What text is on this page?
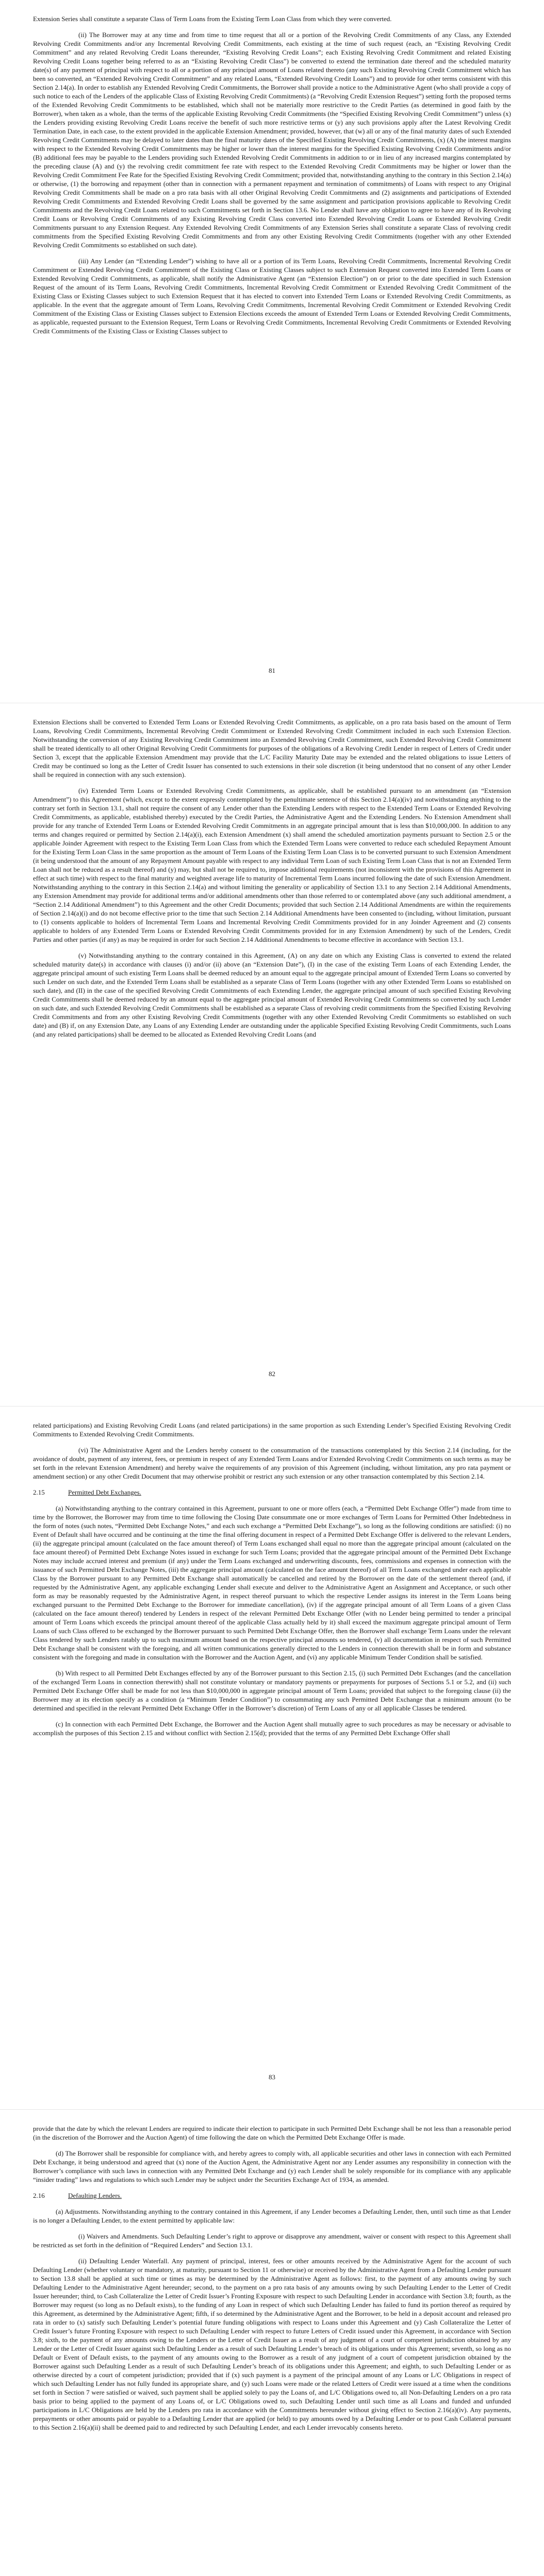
Extension Series shall constitute a separate Class of Term Loans from the Existing Term Loan Class from which they were converted.

(ii) The Borrower may at any time and from time to time request that all or a portion of the Revolving Credit Commitments of any Class, any Extended Revolving Credit Commitments and/or any Incremental Revolving Credit Commitments, each existing at the time of such request (each, an “Existing Revolving Credit Commitment” and any related Revolving Credit Loans thereunder, “Existing Revolving Credit Loans”; each Existing Revolving Credit Commitment and related Existing Revolving Credit Loans together being referred to as an “Existing Revolving Credit Class”) be converted to extend the termination date thereof and the scheduled maturity date(s) of any payment of principal with respect to all or a portion of any principal amount of Loans related thereto (any such Existing Revolving Credit Commitment which has been so converted, an “Extended Revolving Credit Commitment” and any related Loans, “Extended Revolving Credit Loans”) and to provide for other terms consistent with this Section 2.14(a). In order to establish any Extended Revolving Credit Commitments, the Borrower shall provide a notice to the Administrative Agent (who shall provide a copy of such notice to each of the Lenders of the applicable Class of Existing Revolving Credit Commitments) (a “Revolving Credit Extension Request”) setting forth the proposed terms of the Extended Revolving Credit Commitments to be established, which shall not be materially more restrictive to the Credit Parties (as determined in good faith by the Borrower), when taken as a whole, than the terms of the applicable Existing Revolving Credit Commitments (the “Specified Existing Revolving Credit Commitment”) unless (x) the Lenders providing existing Revolving Credit Loans receive the benefit of such more restrictive terms or (y) any such provisions apply after the Latest Revolving Credit Termination Date, in each case, to the extent provided in the applicable Extension Amendment; provided, however, that (w) all or any of the final maturity dates of such Extended Revolving Credit Commitments may be delayed to later dates than the final maturity dates of the Specified Existing Revolving Credit Commitments, (x) (A) the interest margins with respect to the Extended Revolving Credit Commitments may be higher or lower than the interest margins for the Specified Existing Revolving Credit Commitments and/or (B) additional fees may be payable to the Lenders providing such Extended Revolving Credit Commitments in addition to or in lieu of any increased margins contemplated by the preceding clause (A) and (y) the revolving credit commitment fee rate with respect to the Extended Revolving Credit Commitments may be higher or lower than the Revolving Credit Commitment Fee Rate for the Specified Existing Revolving Credit Commitment; provided that, notwithstanding anything to the contrary in this Section 2.14(a) or otherwise, (1) the borrowing and repayment (other than in connection with a permanent repayment and termination of commitments) of Loans with respect to any Original Revolving Credit Commitments shall be made on a pro rata basis with all other Original Revolving Credit Commitments and (2) assignments and participations of Extended Revolving Credit Commitments and Extended Revolving Credit Loans shall be governed by the same assignment and participation provisions applicable to Revolving Credit Commitments and the Revolving Credit Loans related to such Commitments set forth in Section 13.6. No Lender shall have any obligation to agree to have any of its Revolving Credit Loans or Revolving Credit Commitments of any Existing Revolving Credit Class converted into Extended Revolving Credit Loans or Extended Revolving Credit Commitments pursuant to any Extension Request. Any Extended Revolving Credit Commitments of any Extension Series shall constitute a separate Class of revolving credit commitments from the Specified Existing Revolving Credit Commitments and from any other Existing Revolving Credit Commitments (together with any other Extended Revolving Credit Commitments so established on such date).

(iii) Any Lender (an “Extending Lender”) wishing to have all or a portion of its Term Loans, Revolving Credit Commitments, Incremental Revolving Credit Commitment or Extended Revolving Credit Commitment of the Existing Class or Existing Classes subject to such Extension Request converted into Extended Term Loans or Extended Revolving Credit Commitments, as applicable, shall notify the Administrative Agent (an “Extension Election”) on or prior to the date specified in such Extension Request of the amount of its Term Loans, Revolving Credit Commitments, Incremental Revolving Credit Commitment or Extended Revolving Credit Commitment of the Existing Class or Existing Classes subject to such Extension Request that it has elected to convert into Extended Term Loans or Extended Revolving Credit Commitments, as applicable. In the event that the aggregate amount of Term Loans, Revolving Credit Commitments, Incremental Revolving Credit Commitment or Extended Revolving Credit Commitment of the Existing Class or Existing Classes subject to Extension Elections exceeds the amount of Extended Term Loans or Extended Revolving Credit Commitments, as applicable, requested pursuant to the Extension Request, Term Loans or Revolving Credit Commitments, Incremental Revolving Credit Commitments or Extended Revolving Credit Commitments of the Existing Class or Existing Classes subject to

81

Extension Elections shall be converted to Extended Term Loans or Extended Revolving Credit Commitments, as applicable, on a pro rata basis based on the amount of Term Loans, Revolving Credit Commitments, Incremental Revolving Credit Commitment or Extended Revolving Credit Commitment included in each such Extension Election. Notwithstanding the conversion of any Existing Revolving Credit Commitment into an Extended Revolving Credit Commitment, such Extended Revolving Credit Commitment shall be treated identically to all other Original Revolving Credit Commitments for purposes of the obligations of a Revolving Credit Lender in respect of Letters of Credit under Section 3, except that the applicable Extension Amendment may provide that the L/C Facility Maturity Date may be extended and the related obligations to issue Letters of Credit may be continued so long as the Letter of Credit Issuer has consented to such extensions in their sole discretion (it being understood that no consent of any other Lender shall be required in connection with any such extension).

(iv) Extended Term Loans or Extended Revolving Credit Commitments, as applicable, shall be established pursuant to an amendment (an “Extension Amendment”) to this Agreement (which, except to the extent expressly contemplated by the penultimate sentence of this Section 2.14(a)(iv) and notwithstanding anything to the contrary set forth in Section 13.1, shall not require the consent of any Lender other than the Extending Lenders with respect to the Extended Term Loans or Extended Revolving Credit Commitments, as applicable, established thereby) executed by the Credit Parties, the Administrative Agent and the Extending Lenders. No Extension Amendment shall provide for any tranche of Extended Term Loans or Extended Revolving Credit Commitments in an aggregate principal amount that is less than $10,000,000. In addition to any terms and changes required or permitted by Section 2.14(a)(i), each Extension Amendment (x) shall amend the scheduled amortization payments pursuant to Section 2.5 or the applicable Joinder Agreement with respect to the Existing Term Loan Class from which the Extended Term Loans were converted to reduce each scheduled Repayment Amount for the Existing Term Loan Class in the same proportion as the amount of Term Loans of the Existing Term Loan Class is to be converted pursuant to such Extension Amendment (it being understood that the amount of any Repayment Amount payable with respect to any individual Term Loan of such Existing Term Loan Class that is not an Extended Term Loan shall not be reduced as a result thereof) and (y) may, but shall not be required to, impose additional requirements (not inconsistent with the provisions of this Agreement in effect at such time) with respect to the final maturity and weighted average life to maturity of Incremental Term Loans incurred following the date of such Extension Amendment. Notwithstanding anything to the contrary in this Section 2.14(a) and without limiting the generality or applicability of Section 13.1 to any Section 2.14 Additional Amendments, any Extension Amendment may provide for additional terms and/or additional amendments other than those referred to or contemplated above (any such additional amendment, a “Section 2.14 Additional Amendment”) to this Agreement and the other Credit Documents; provided that such Section 2.14 Additional Amendments are within the requirements of Section 2.14(a)(i) and do not become effective prior to the time that such Section 2.14 Additional Amendments have been consented to (including, without limitation, pursuant to (1) consents applicable to holders of Incremental Term Loans and Incremental Revolving Credit Commitments provided for in any Joinder Agreement and (2) consents applicable to holders of any Extended Term Loans or Extended Revolving Credit Commitments provided for in any Extension Amendment) by such of the Lenders, Credit Parties and other parties (if any) as may be required in order for such Section 2.14 Additional Amendments to become effective in accordance with Section 13.1.

(v) Notwithstanding anything to the contrary contained in this Agreement, (A) on any date on which any Existing Class is converted to extend the related scheduled maturity date(s) in accordance with clauses (i) and/or (ii) above (an “Extension Date”), (I) in the case of the existing Term Loans of each Extending Lender, the aggregate principal amount of such existing Term Loans shall be deemed reduced by an amount equal to the aggregate principal amount of Extended Term Loans so converted by such Lender on such date, and the Extended Term Loans shall be established as a separate Class of Term Loans (together with any other Extended Term Loans so established on such date), and (II) in the case of the specified Revolving Credit Commitments of each Extending Lender, the aggregate principal amount of such specified Existing Revolving Credit Commitments shall be deemed reduced by an amount equal to the aggregate principal amount of Extended Revolving Credit Commitments so converted by such Lender on such date, and such Extended Revolving Credit Commitments shall be established as a separate Class of revolving credit commitments from the Specified Existing Revolving Credit Commitments and from any other Existing Revolving Credit Commitments (together with any other Extended Revolving Credit Commitments so established on such date) and (B) if, on any Extension Date, any Loans of any Extending Lender are outstanding under the applicable Specified Existing Revolving Credit Commitments, such Loans (and any related participations) shall be deemed to be allocated as Extended Revolving Credit Loans (and

82

related participations) and Existing Revolving Credit Loans (and related participations) in the same proportion as such Extending Lender’s Specified Existing Revolving Credit Commitments to Extended Revolving Credit Commitments.

(vi) The Administrative Agent and the Lenders hereby consent to the consummation of the transactions contemplated by this Section 2.14 (including, for the avoidance of doubt, payment of any interest, fees, or premium in respect of any Extended Term Loans and/or Extended Revolving Credit Commitments on such terms as may be set forth in the relevant Extension Amendment) and hereby waive the requirements of any provision of this Agreement (including, without limitation, any pro rata payment or amendment section) or any other Credit Document that may otherwise prohibit or restrict any such extension or any other transaction contemplated by this Section 2.14.

2.15	Permitted Debt Exchanges.

(a) Notwithstanding anything to the contrary contained in this Agreement, pursuant to one or more offers (each, a “Permitted Debt Exchange Offer”) made from time to time by the Borrower, the Borrower may from time to time following the Closing Date consummate one or more exchanges of Term Loans for Permitted Other Indebtedness in the form of notes (such notes, “Permitted Debt Exchange Notes,” and each such exchange a “Permitted Debt Exchange”), so long as the following conditions are satisfied: (i) no Event of Default shall have occurred and be continuing at the time the final offering document in respect of a Permitted Debt Exchange Offer is delivered to the relevant Lenders, (ii) the aggregate principal amount (calculated on the face amount thereof) of Term Loans exchanged shall equal no more than the aggregate principal amount (calculated on the face amount thereof) of Permitted Debt Exchange Notes issued in exchange for such Term Loans; provided that the aggregate principal amount of the Permitted Debt Exchange Notes may include accrued interest and premium (if any) under the Term Loans exchanged and underwriting discounts, fees, commissions and expenses in connection with the issuance of such Permitted Debt Exchange Notes, (iii) the aggregate principal amount (calculated on the face amount thereof) of all Term Loans exchanged under each applicable Class by the Borrower pursuant to any Permitted Debt Exchange shall automatically be cancelled and retired by the Borrower on the date of the settlement thereof (and, if requested by the Administrative Agent, any applicable exchanging Lender shall execute and deliver to the Administrative Agent an Assignment and Acceptance, or such other form as may be reasonably requested by the Administrative Agent, in respect thereof pursuant to which the respective Lender assigns its interest in the Term Loans being exchanged pursuant to the Permitted Debt Exchange to the Borrower for immediate cancellation), (iv) if the aggregate principal amount of all Term Loans of a given Class (calculated on the face amount thereof) tendered by Lenders in respect of the relevant Permitted Debt Exchange Offer (with no Lender being permitted to tender a principal amount of Term Loans which exceeds the principal amount thereof of the applicable Class actually held by it) shall exceed the maximum aggregate principal amount of Term Loans of such Class offered to be exchanged by the Borrower pursuant to such Permitted Debt Exchange Offer, then the Borrower shall exchange Term Loans under the relevant Class tendered by such Lenders ratably up to such maximum amount based on the respective principal amounts so tendered, (v) all documentation in respect of such Permitted Debt Exchange shall be consistent with the foregoing, and all written communications generally directed to the Lenders in connection therewith shall be in form and substance consistent with the foregoing and made in consultation with the Borrower and the Auction Agent, and (vi) any applicable Minimum Tender Condition shall be satisfied.

(b) With respect to all Permitted Debt Exchanges effected by any of the Borrower pursuant to this Section 2.15, (i) such Permitted Debt Exchanges (and the cancellation of the exchanged Term Loans in connection therewith) shall not constitute voluntary or mandatory payments or prepayments for purposes of Sections 5.1 or 5.2, and (ii) such Permitted Debt Exchange Offer shall be made for not less than $10,000,000 in aggregate principal amount of Term Loans; provided that subject to the foregoing clause (ii) the Borrower may at its election specify as a condition (a “Minimum Tender Condition”) to consummating any such Permitted Debt Exchange that a minimum amount (to be determined and specified in the relevant Permitted Debt Exchange Offer in the Borrower’s discretion) of Term Loans of any or all applicable Classes be tendered.

(c) In connection with each Permitted Debt Exchange, the Borrower and the Auction Agent shall mutually agree to such procedures as may be necessary or advisable to accomplish the purposes of this Section 2.15 and without conflict with Section 2.15(d); provided that the terms of any Permitted Debt Exchange Offer shall

83

provide that the date by which the relevant Lenders are required to indicate their election to participate in such Permitted Debt Exchange shall be not less than a reasonable period (in the discretion of the Borrower and the Auction Agent) of time following the date on which the Permitted Debt Exchange Offer is made.

(d) The Borrower shall be responsible for compliance with, and hereby agrees to comply with, all applicable securities and other laws in connection with each Permitted Debt Exchange, it being understood and agreed that (x) none of the Auction Agent, the Administrative Agent nor any Lender assumes any responsibility in connection with the Borrower’s compliance with such laws in connection with any Permitted Debt Exchange and (y) each Lender shall be solely responsible for its compliance with any applicable “insider trading” laws and regulations to which such Lender may be subject under the Securities Exchange Act of 1934, as amended.

2.16	Defaulting Lenders.

(a) Adjustments. Notwithstanding anything to the contrary contained in this Agreement, if any Lender becomes a Defaulting Lender, then, until such time as that Lender is no longer a Defaulting Lender, to the extent permitted by applicable law:

(i) Waivers and Amendments. Such Defaulting Lender’s right to approve or disapprove any amendment, waiver or consent with respect to this Agreement shall be restricted as set forth in the definition of “Required Lenders” and Section 13.1.

(ii) Defaulting Lender Waterfall. Any payment of principal, interest, fees or other amounts received by the Administrative Agent for the account of such Defaulting Lender (whether voluntary or mandatory, at maturity, pursuant to Section 11 or otherwise) or received by the Administrative Agent from a Defaulting Lender pursuant to Section 13.8 shall be applied at such time or times as may be determined by the Administrative Agent as follows: first, to the payment of any amounts owing by such Defaulting Lender to the Administrative Agent hereunder; second, to the payment on a pro rata basis of any amounts owing by such Defaulting Lender to the Letter of Credit Issuer hereunder; third, to Cash Collateralize the Letter of Credit Issuer’s Fronting Exposure with respect to such Defaulting Lender in accordance with Section 3.8; fourth, as the Borrower may request (so long as no Default exists), to the funding of any Loan in respect of which such Defaulting Lender has failed to fund its portion thereof as required by this Agreement, as determined by the Administrative Agent; fifth, if so determined by the Administrative Agent and the Borrower, to be held in a deposit account and released pro rata in order to (x) satisfy such Defaulting Lender’s potential future funding obligations with respect to Loans under this Agreement and (y) Cash Collateralize the Letter of Credit Issuer’s future Fronting Exposure with respect to such Defaulting Lender with respect to future Letters of Credit issued under this Agreement, in accordance with Section 3.8; sixth, to the payment of any amounts owing to the Lenders or the Letter of Credit Issuer as a result of any judgment of a court of competent jurisdiction obtained by any Lender or the Letter of Credit Issuer against such Defaulting Lender as a result of such Defaulting Lender’s breach of its obligations under this Agreement; seventh, so long as no Default or Event of Default exists, to the payment of any amounts owing to the Borrower as a result of any judgment of a court of competent jurisdiction obtained by the Borrower against such Defaulting Lender as a result of such Defaulting Lender’s breach of its obligations under this Agreement; and eighth, to such Defaulting Lender or as otherwise directed by a court of competent jurisdiction; provided that if (x) such payment is a payment of the principal amount of any Loans or L/C Obligations in respect of which such Defaulting Lender has not fully funded its appropriate share, and (y) such Loans were made or the related Letters of Credit were issued at a time when the conditions set forth in Section 7 were satisfied or waived, such payment shall be applied solely to pay the Loans of, and L/C Obligations owed to, all Non-Defaulting Lenders on a pro rata basis prior to being applied to the payment of any Loans of, or L/C Obligations owed to, such Defaulting Lender until such time as all Loans and funded and unfunded participations in L/C Obligations are held by the Lenders pro rata in accordance with the Commitments hereunder without giving effect to Section 2.16(a)(iv). Any payments, prepayments or other amounts paid or payable to a Defaulting Lender that are applied (or held) to pay amounts owed by a Defaulting Lender or to post Cash Collateral pursuant to this Section 2.16(a)(ii) shall be deemed paid to and redirected by such Defaulting Lender, and each Lender irrevocably consents hereto.
